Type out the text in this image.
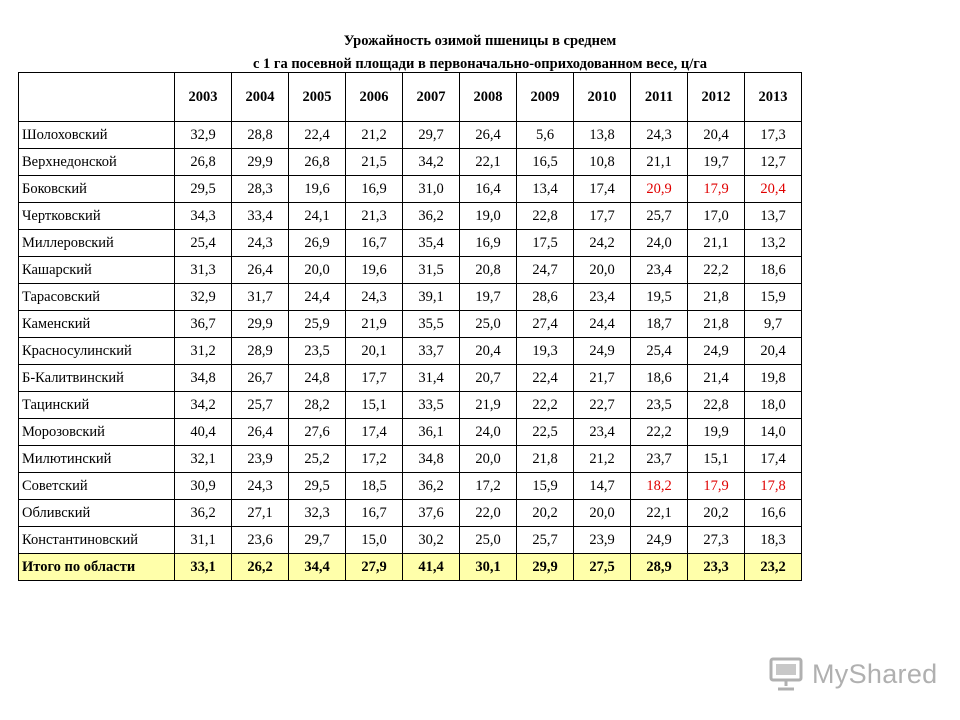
Урожайность озимой пшеницы в среднем
с 1 га посевной площади в первоначально-оприходованном весе, ц/га
	2003	2004	2005	2006	2007	2008	2009	2010	2011	2012	2013
Шолоховский	32,9	28,8	22,4	21,2	29,7	26,4	5,6	13,8	24,3	20,4	17,3
Верхнедонской	26,8	29,9	26,8	21,5	34,2	22,1	16,5	10,8	21,1	19,7	12,7
Боковский	29,5	28,3	19,6	16,9	31,0	16,4	13,4	17,4	20,9	17,9	20,4
Чертковский	34,3	33,4	24,1	21,3	36,2	19,0	22,8	17,7	25,7	17,0	13,7
Миллеровский	25,4	24,3	26,9	16,7	35,4	16,9	17,5	24,2	24,0	21,1	13,2
Кашарский	31,3	26,4	20,0	19,6	31,5	20,8	24,7	20,0	23,4	22,2	18,6
Тарасовский	32,9	31,7	24,4	24,3	39,1	19,7	28,6	23,4	19,5	21,8	15,9
Каменский	36,7	29,9	25,9	21,9	35,5	25,0	27,4	24,4	18,7	21,8	9,7
Красносулинский	31,2	28,9	23,5	20,1	33,7	20,4	19,3	24,9	25,4	24,9	20,4
Б-Калитвинский	34,8	26,7	24,8	17,7	31,4	20,7	22,4	21,7	18,6	21,4	19,8
Тацинский	34,2	25,7	28,2	15,1	33,5	21,9	22,2	22,7	23,5	22,8	18,0
Морозовский	40,4	26,4	27,6	17,4	36,1	24,0	22,5	23,4	22,2	19,9	14,0
Милютинский	32,1	23,9	25,2	17,2	34,8	20,0	21,8	21,2	23,7	15,1	17,4
Советский	30,9	24,3	29,5	18,5	36,2	17,2	15,9	14,7	18,2	17,9	17,8
Обливский	36,2	27,1	32,3	16,7	37,6	22,0	20,2	20,0	22,1	20,2	16,6
Константиновский	31,1	23,6	29,7	15,0	30,2	25,0	25,7	23,9	24,9	27,3	18,3
Итого по области	33,1	26,2	34,4	27,9	41,4	30,1	29,9	27,5	28,9	23,3	23,2
MyShared
